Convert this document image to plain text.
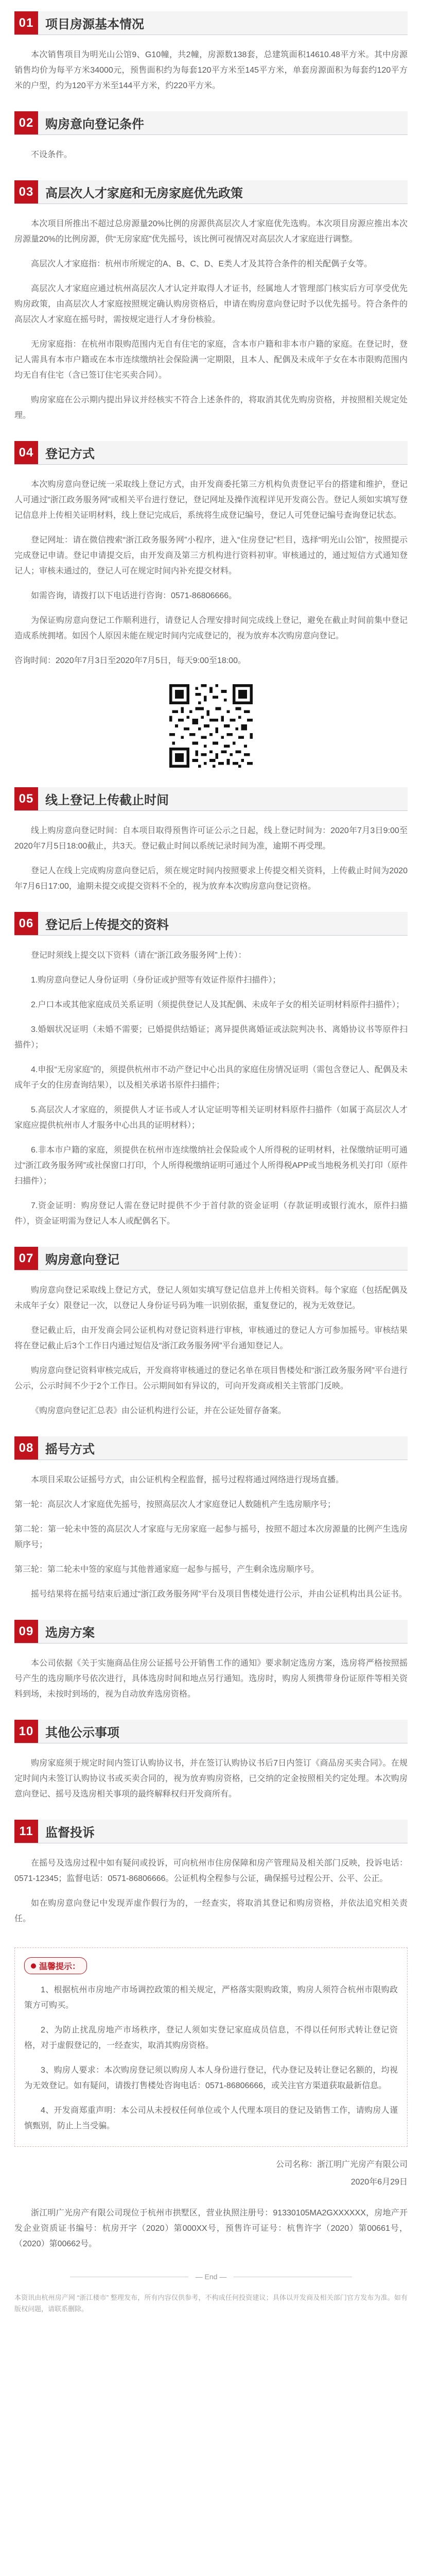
01 项目房源基本情况

本次销售项目为明光山公馆9、G10幢，共2幢，房源数138套，总建筑面积14610.48平方米。其中房源销售均价为每平方米34000元，预售面积约为每套120平方米至145平方米，单套房源面积为每套约120平方米的户型，约为120平方米至144平方米，约220平方米。

02 购房意向登记条件

不设条件。

03 高层次人才家庭和无房家庭优先政策

本次项目所推出不超过总房源量20%比例的房源供高层次人才家庭优先选购。本次项目房源应推出本次房源量20%的比例房源，供“无房家庭”优先摇号，该比例可视情况对高层次人才家庭进行调整。

高层次人才家庭指：杭州市所规定的A、B、C、D、E类人才及其符合条件的相关配偶子女等。

高层次人才家庭应通过杭州高层次人才认定并取得人才证书，经属地人才管理部门核实后方可享受优先购房政策，由高层次人才家庭按照规定确认购房资格后，申请在购房意向登记时予以优先摇号。符合条件的高层次人才家庭在摇号时，需按规定进行人才身份核验。

无房家庭指：在杭州市限购范围内无自有住宅的家庭，含本市户籍和非本市户籍的家庭。在登记时，登记人需具有本市户籍或在本市连续缴纳社会保险满一定期限，且本人、配偶及未成年子女在本市限购范围内均无自有住宅（含已签订住宅买卖合同）。

购房家庭在公示期内提出异议并经核实不符合上述条件的，将取消其优先购房资格，并按照相关规定处理。

04 登记方式

本次购房意向登记统一采取线上登记方式，由开发商委托第三方机构负责登记平台的搭建和维护，登记人可通过“浙江政务服务网”或相关平台进行登记，登记网址及操作流程详见开发商公告。登记人须如实填写登记信息并上传相关证明材料，线上登记完成后，系统将生成登记编号，登记人可凭登记编号查询登记状态。

登记网址：请在微信搜索“浙江政务服务网”小程序，进入“住房登记”栏目，选择“明光山公馆”，按照提示完成登记申请。登记申请提交后，由开发商及第三方机构进行资料初审。审核通过的，通过短信方式通知登记人；审核未通过的，登记人可在规定时间内补充提交材料。

如需咨询，请拨打以下电话进行咨询：0571-86806666。

为保证购房意向登记工作顺利进行，请登记人合理安排时间完成线上登记，避免在截止时间前集中登记造成系统拥堵。如因个人原因未能在规定时间内完成登记的，视为放弃本次购房意向登记。

咨询时间：2020年7月3日至2020年7月5日，每天9:00至18:00。

05 线上登记上传截止时间

线上购房意向登记时间：自本项目取得预售许可证公示之日起，线上登记时间为：2020年7月3日9:00至2020年7月5日18:00截止，共3天。登记截止时间以系统记录时间为准，逾期不再受理。

登记人在线上完成购房意向登记后，须在规定时间内按照要求上传提交相关资料，上传截止时间为2020年7月6日17:00，逾期未提交或提交资料不全的，视为放弃本次购房意向登记资格。

06 登记后上传提交的资料

登记时须线上提交以下资料（请在“浙江政务服务网”上传）：

1.购房意向登记人身份证明（身份证或护照等有效证件原件扫描件）；

2.户口本或其他家庭成员关系证明（须提供登记人及其配偶、未成年子女的相关证明材料原件扫描件）；

3.婚姻状况证明（未婚不需要；已婚提供结婚证；离异提供离婚证或法院判决书、离婚协议书等原件扫描件）；

4.申报“无房家庭”的，须提供杭州市不动产登记中心出具的家庭住房情况证明（需包含登记人、配偶及未成年子女的住房查询结果），以及相关承诺书原件扫描件；

5.高层次人才家庭的，须提供人才证书或人才认定证明等相关证明材料原件扫描件（如属于高层次人才家庭应提供杭州市人才服务中心出具的证明材料）；

6.非本市户籍的家庭，须提供在杭州市连续缴纳社会保险或个人所得税的证明材料，社保缴纳证明可通过“浙江政务服务网”或社保窗口打印，个人所得税缴纳证明可通过个人所得税APP或当地税务机关打印（原件扫描件）；

7.资金证明：购房登记人需在登记时提供不少于首付款的资金证明（存款证明或银行流水，原件扫描件），资金证明需为登记人本人或配偶名下。

07 购房意向登记

购房意向登记采取线上登记方式，登记人须如实填写登记信息并上传相关资料。每个家庭（包括配偶及未成年子女）限登记一次，以登记人身份证号码为唯一识别依据，重复登记的，视为无效登记。

登记截止后，由开发商会同公证机构对登记资料进行审核，审核通过的登记人方可参加摇号。审核结果将在登记截止后3个工作日内通过短信及“浙江政务服务网”平台通知登记人。

购房意向登记资料审核完成后，开发商将审核通过的登记名单在项目售楼处和“浙江政务服务网”平台进行公示，公示时间不少于2个工作日。公示期间如有异议的，可向开发商或相关主管部门反映。

《购房意向登记汇总表》由公证机构进行公证，并在公证处留存备案。

08 摇号方式

本项目采取公证摇号方式，由公证机构全程监督，摇号过程将通过网络进行现场直播。

第一轮：高层次人才家庭优先摇号，按照高层次人才家庭登记人数随机产生选房顺序号；

第二轮：第一轮未中签的高层次人才家庭与无房家庭一起参与摇号，按照不超过本次房源量的比例产生选房顺序号；

第三轮：第二轮未中签的家庭与其他普通家庭一起参与摇号，产生剩余选房顺序号。

摇号结果将在摇号结束后通过“浙江政务服务网”平台及项目售楼处进行公示，并由公证机构出具公证书。

09 选房方案

本公司依据《关于实施商品住房公证摇号公开销售工作的通知》要求制定选房方案，选房将严格按照摇号产生的选房顺序号依次进行，具体选房时间和地点另行通知。选房时，购房人须携带身份证原件等相关资料到场，未按时到场的，视为自动放弃选房资格。

10 其他公示事项

购房家庭须于规定时间内签订认购协议书，并在签订认购协议书后7日内签订《商品房买卖合同》。在规定时间内未签订认购协议书或买卖合同的，视为放弃购房资格，已交纳的定金按照相关约定处理。本次购房意向登记、摇号及选房相关事项的最终解释权归开发商所有。

11 监督投诉

在摇号及选房过程中如有疑问或投诉，可向杭州市住房保障和房产管理局及相关部门反映，投诉电话：0571-12345；监督电话：0571-86806666。公证机构全程参与公证，确保摇号过程公开、公平、公正。

如在购房意向登记中发现弄虚作假行为的，一经查实，将取消其登记和购房资格，并依法追究相关责任。

温馨提示：

1、根据杭州市房地产市场调控政策的相关规定，严格落实限购政策，购房人须符合杭州市限购政策方可购买。

2、为防止扰乱房地产市场秩序，登记人须如实登记家庭成员信息，不得以任何形式转让登记资格，对于虚假登记的，一经查实，取消其购房资格。

3、购房人要求：本次购房登记须以购房人本人身份进行登记，代办登记及转让登记名额的，均视为无效登记。如有疑问，请拨打售楼处咨询电话：0571-86806666，或关注官方渠道获取最新信息。

4、开发商郑重声明：本公司从未授权任何单位或个人代理本项目的登记及销售工作，请购房人谨慎甄别，防止上当受骗。

公司名称：浙江明广光房产有限公司

2020年6月29日

浙江明广光房产有限公司现位于杭州市拱墅区，营业执照注册号：91330105MA2GXXXXXX，房地产开发企业资质证书编号：杭房开字（2020）第000XX号，预售许可证号：杭售许字（2020）第00661号，（2020）第00662号。

— End —

本资讯由杭州房产网 “浙江楼市” 整理发布，所有内容仅供参考，不构成任何投资建议；具体以开发商及相关部门官方发布为准。如有版权问题，请联系删除。
